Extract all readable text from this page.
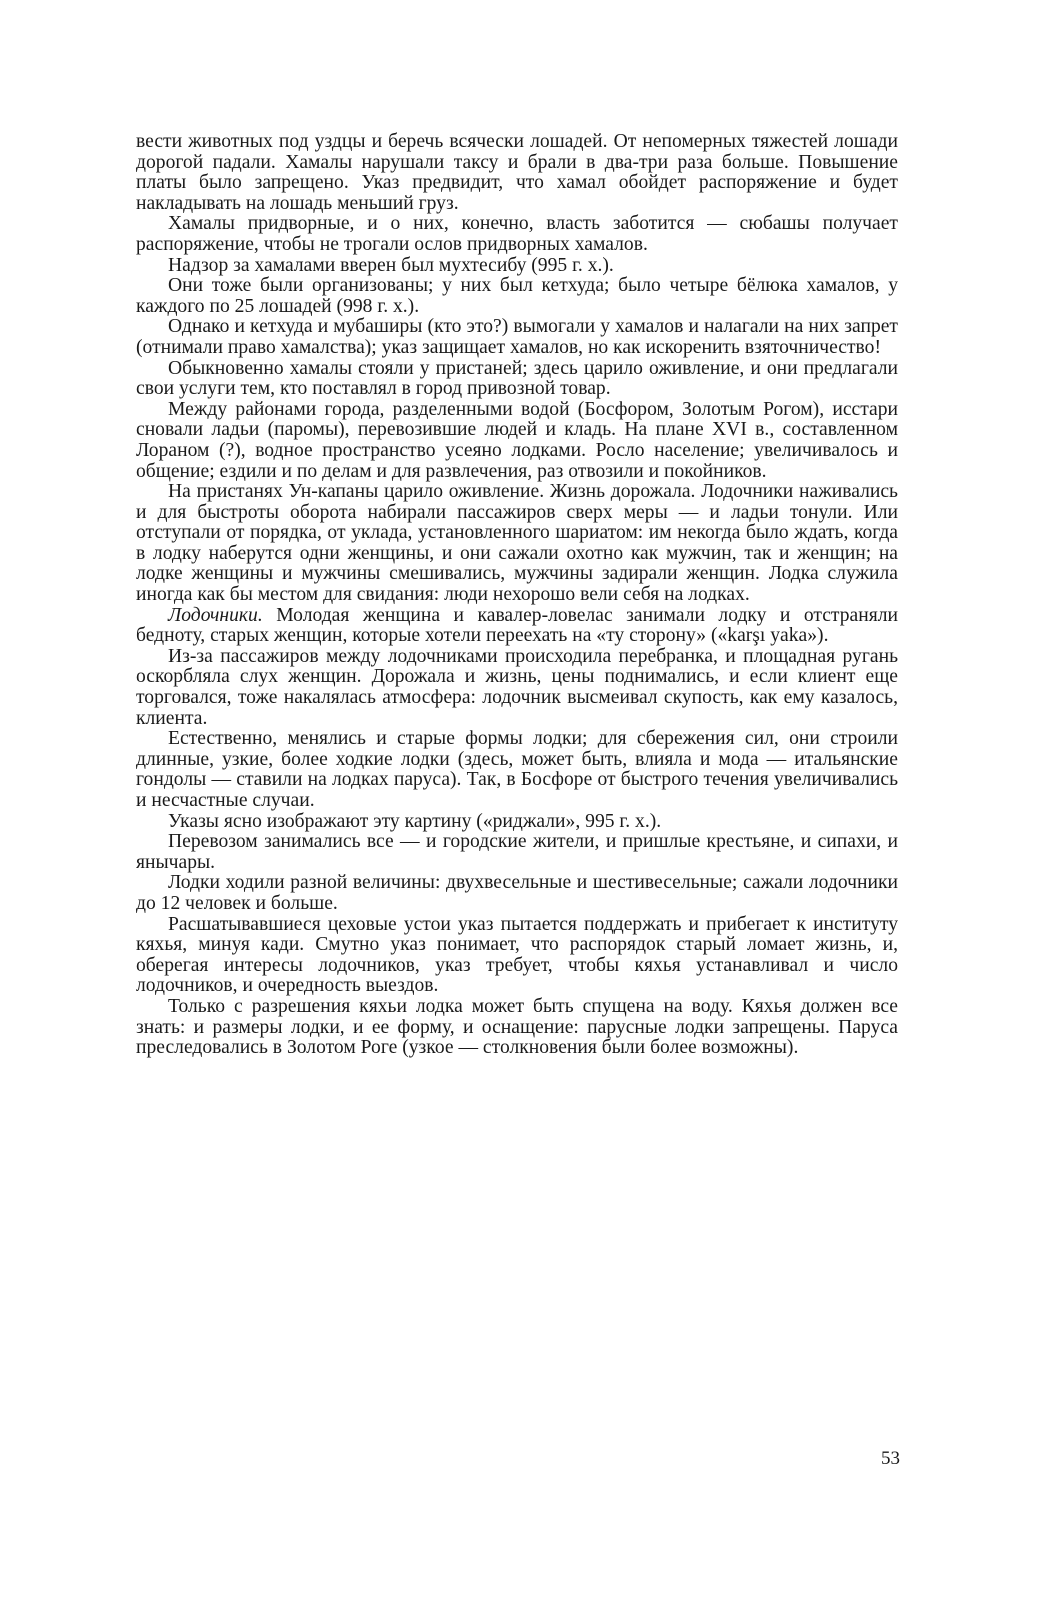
вести животных под уздцы и беречь всячески лошадей. От непомерных тяжестей лошади дорогой падали. Хамалы нарушали таксу и брали в два-три раза больше. Повышение платы было запрещено. Указ предвидит, что хамал обойдет распоряжение и будет накладывать на лошадь меньший груз.

Хамалы придворные, и о них, конечно, власть заботится — сюбашы получает распоряжение, чтобы не трогали ослов придворных хамалов.

Надзор за хамалами вверен был мухтесибу (995 г. х.).

Они тоже были организованы; у них был кетхуда; было четыре бёлюка хамалов, у каждого по 25 лошадей (998 г. х.).

Однако и кетхуда и мубаширы (кто это?) вымогали у хамалов и налагали на них запрет (отнимали право хамалства); указ защищает хамалов, но как искоренить взяточничество!

Обыкновенно хамалы стояли у пристаней; здесь царило оживление, и они предлагали свои услуги тем, кто поставлял в город привозной товар.

Между районами города, разделенными водой (Босфором, Золотым Рогом), исстари сновали ладьи (паромы), перевозившие людей и кладь. На плане XVI в., составленном Лораном (?), водное пространство усеяно лодками. Росло население; увеличивалось и общение; ездили и по делам и для развлечения, раз отвозили и покойников.

На пристанях Ун-капаны царило оживление. Жизнь дорожала. Лодочники наживались и для быстроты оборота набирали пассажиров сверх меры — и ладьи тонули. Или отступали от порядка, от уклада, установленного шариатом: им некогда было ждать, когда в лодку наберутся одни женщины, и они сажали охотно как мужчин, так и женщин; на лодке женщины и мужчины смешивались, мужчины задирали женщин. Лодка служила иногда как бы местом для свидания: люди нехорошо вели себя на лодках.

Лодочники. Молодая женщина и кавалер-ловелас занимали лодку и отстраняли бедноту, старых женщин, которые хотели переехать на «ту сторону» («karşı yaka»).

Из-за пассажиров между лодочниками происходила перебранка, и площадная ругань оскорбляла слух женщин. Дорожала и жизнь, цены поднимались, и если клиент еще торговался, тоже накалялась атмосфера: лодочник высмеивал скупость, как ему казалось, клиента.

Естественно, менялись и старые формы лодки; для сбережения сил, они строили длинные, узкие, более ходкие лодки (здесь, может быть, влияла и мода — итальянские гондолы — ставили на лодках паруса). Так, в Босфоре от быстрого течения увеличивались и несчастные случаи.

Указы ясно изображают эту картину («риджали», 995 г. х.).

Перевозом занимались все — и городские жители, и пришлые крестьяне, и сипахи, и янычары.

Лодки ходили разной величины: двухвесельные и шестивесельные; сажали лодочники до 12 человек и больше.

Расшатывавшиеся цеховые устои указ пытается поддержать и прибегает к институту кяхья, минуя кади. Смутно указ понимает, что распорядок старый ломает жизнь, и, оберегая интересы лодочников, указ требует, чтобы кяхья устанавливал и число лодочников, и очередность выездов.

Только с разрешения кяхьи лодка может быть спущена на воду. Кяхья должен все знать: и размеры лодки, и ее форму, и оснащение: парусные лодки запрещены. Паруса преследовались в Золотом Роге (узкое — столкновения были более возможны).

53
